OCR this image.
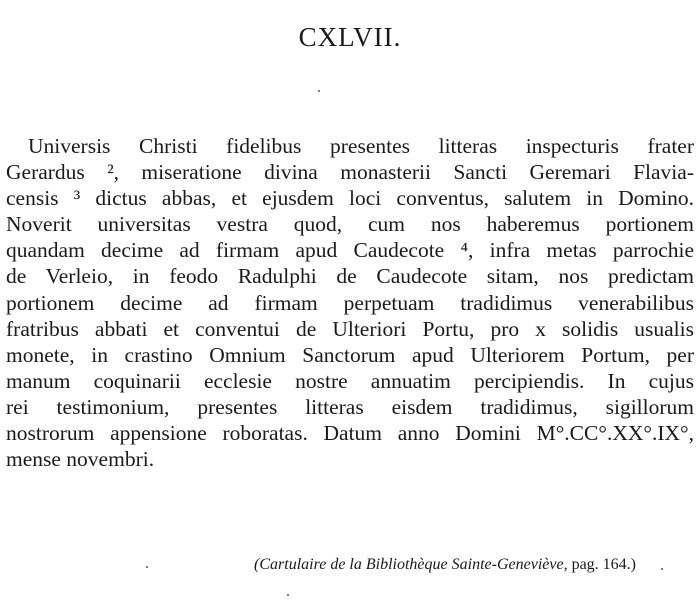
CXLVII.
Universis Christi fidelibus presentes litteras inspecturis frater
Gerardus ², miseratione divina monasterii Sancti Geremari Flavia-
censis ³ dictus abbas, et ejusdem loci conventus, salutem in Domino.
Noverit universitas vestra quod, cum nos haberemus portionem
quandam decime ad firmam apud Caudecote ⁴, infra metas parrochie
de Verleio, in feodo Radulphi de Caudecote sitam, nos predictam
portionem decime ad firmam perpetuam tradidimus venerabilibus
fratribus abbati et conventui de Ulteriori Portu, pro x solidis usualis
monete, in crastino Omnium Sanctorum apud Ulteriorem Portum, per
manum coquinarii ecclesie nostre annuatim percipiendis. In cujus
rei testimonium, presentes litteras eisdem tradidimus, sigillorum
nostrorum appensione roboratas. Datum anno Domini M°.CC°.XX°.IX°,
mense novembri.
(Cartulaire de la Bibliothèque Sainte-Geneviève, pag. 164.)
